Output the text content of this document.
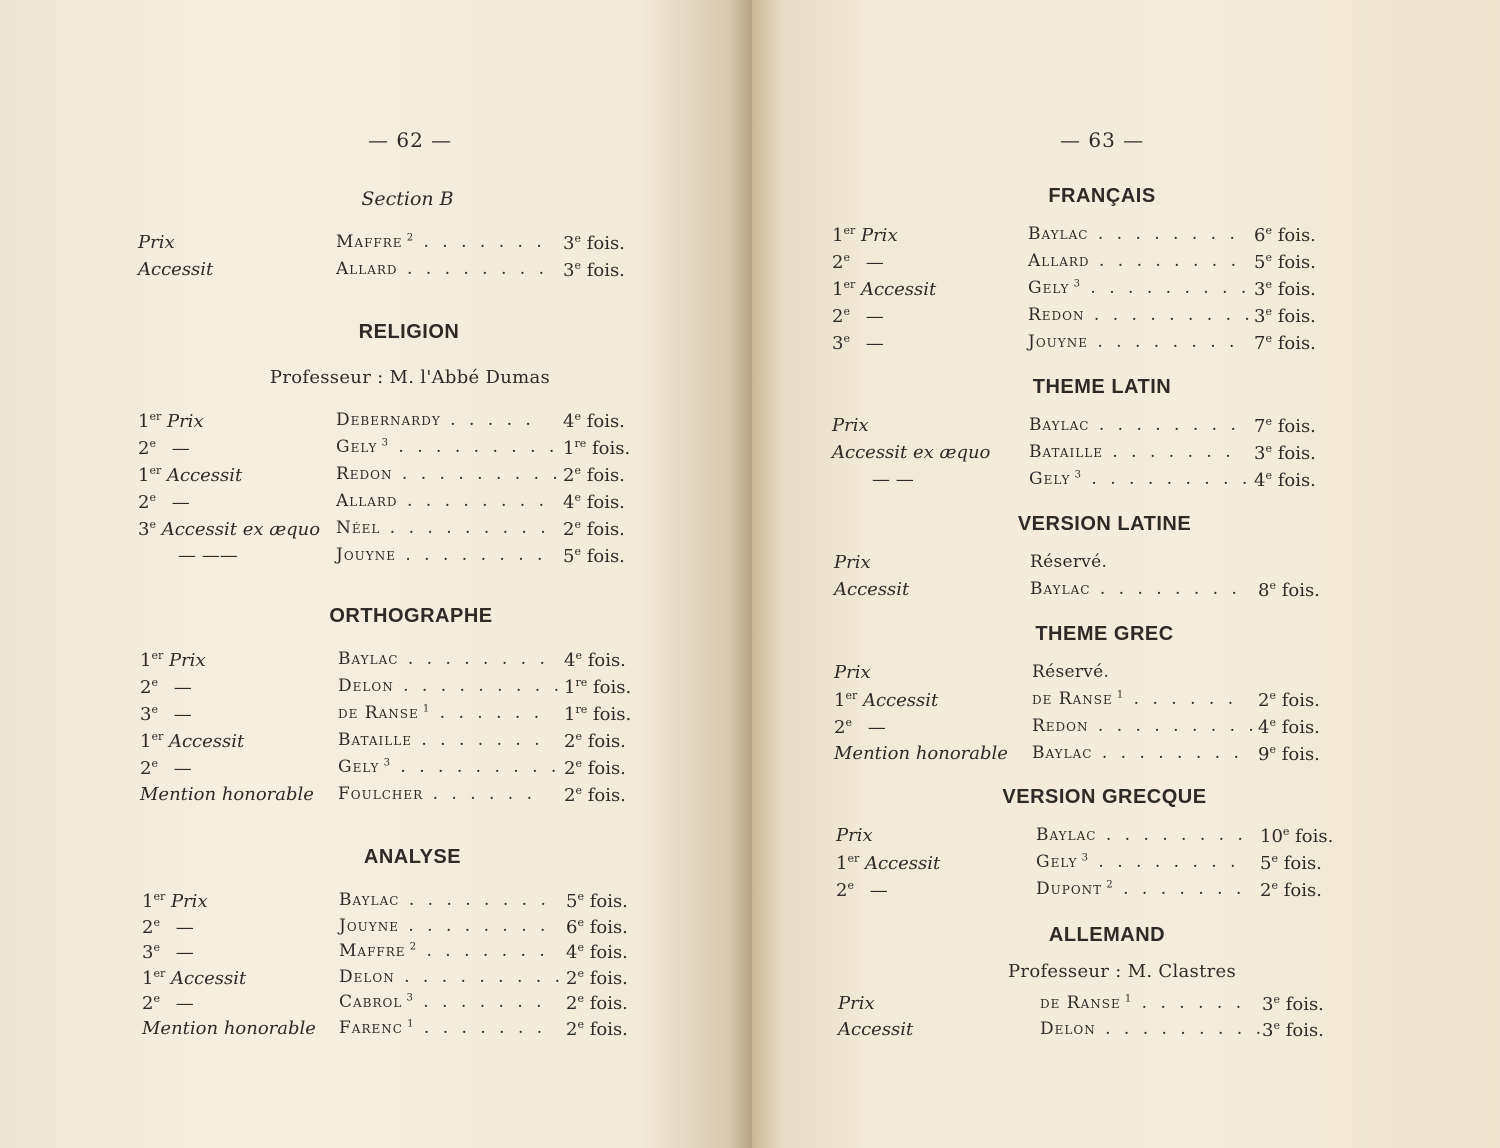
— 62 —
Section B
RELIGION
Professeur : M. l'Abbé Dumas
ORTHOGRAPHE
ANALYSE
Prix	Maffre $^2$ . . . . . . . 3e fois.
Accessit	Allard . . . . . . . . 3e fois.
1er Prix	Debernardy . . . . . 4e fois.
2e —	Gely $^3$ . . . . . . . . . 1re fois.
1er Accessit	Redon . . . . . . . . . 2e fois.
2e —	Allard . . . . . . . . 4e fois.
3e Accessit ex æquo Néel . . . . . . . . . 2e fois.
— ——	Jouyne . . . . . . . . 5e fois.
1er Prix	Baylac . . . . . . . . 4e fois.
2e —	Delon . . . . . . . . . 1re fois.
3e —	de Ranse $^1$ . . . . . . 1re fois.
1er Accessit	Bataille . . . . . . . 2e fois.
2e —	Gely $^3$ . . . . . . . . . 2e fois.
Mention honorable Foulcher . . . . . . 2e fois.
1er Prix	Baylac . . . . . . . . 5e fois.
2e —	Jouyne . . . . . . . . 6e fois.
3e —	Maffre $^2$ . . . . . . . 4e fois.
1er Accessit	Delon . . . . . . . . . 2e fois.
2e —	Cabrol $^3$ . . . . . . . 2e fois.
Mention honorable Farenc $^1$ . . . . . . . 2e fois.
— 63 —
FRANÇAIS
THEME LATIN
VERSION LATINE
THEME GREC
VERSION GRECQUE
ALLEMAND
Professeur : M. Clastres
1er Prix	Baylac . . . . . . . . 6e fois.
2e —	Allard . . . . . . . . 5e fois.
1er Accessit	Gely $^3$ . . . . . . . . . 3e fois.
2e —	Redon . . . . . . . . . 3e fois.
3e —	Jouyne . . . . . . . . 7e fois.
Prix	Baylac . . . . . . . . 7e fois.
Accessit ex æquo Bataille . . . . . . . 3e fois.
— —	Gely $^3$ . . . . . . . . . 4e fois.
Prix	Réservé.
Accessit	Baylac . . . . . . . . 8e fois.
Prix	Réservé.
1er Accessit	de Ranse $^1$ . . . . . . 2e fois.
2e —	Redon . . . . . . . . . 4e fois.
Mention honorable Baylac . . . . . . . . 9e fois.
Prix	Baylac . . . . . . . . 10e fois.
1er Accessit	Gely $^3$ . . . . . . . . 5e fois.
2e —	Dupont $^2$ . . . . . . . 2e fois.
Prix	de Ranse $^1$ . . . . . . 3e fois.
Accessit	Delon . . . . . . . . .
3e fois.
